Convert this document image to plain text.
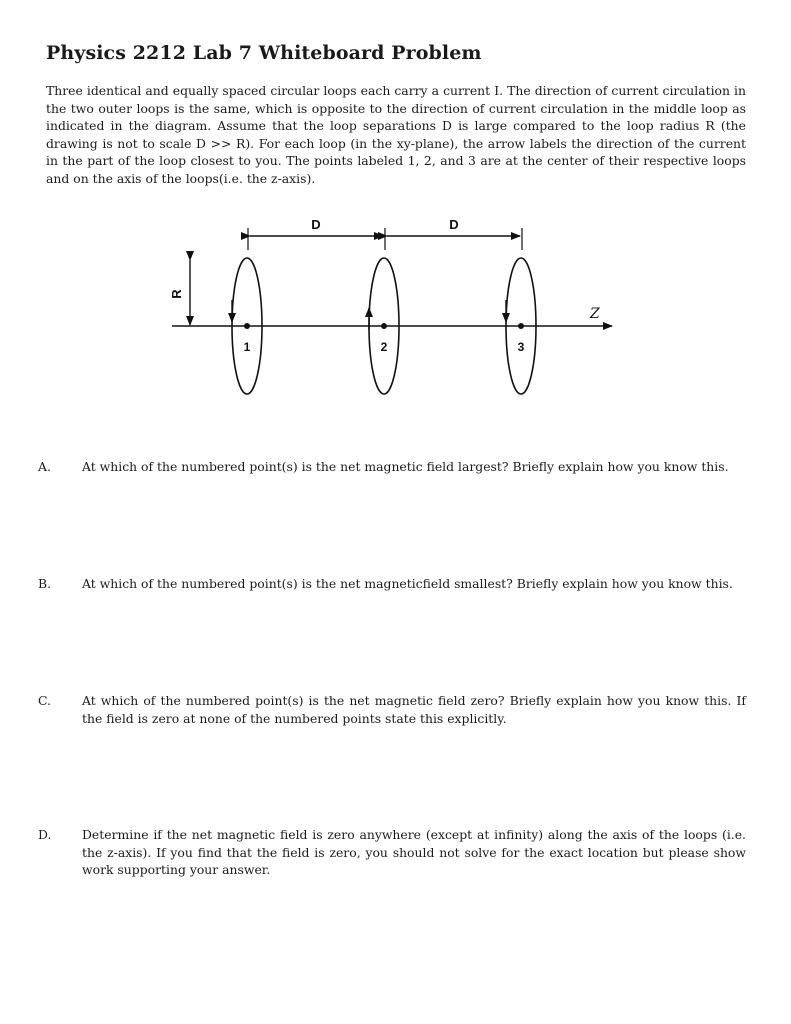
Physics 2212 Lab 7 Whiteboard Problem
Three identical and equally spaced circular loops each carry a current I. The direction of current circulation in the two outer loops is the same, which is opposite to the direction of current circulation in the middle loop as indicated in the diagram. Assume that the loop separations D is large compared to the loop radius R (the drawing is not to scale D >> R). For each loop (in the xy-plane), the arrow labels the direction of the current in the part of the loop closest to you. The points labeled 1, 2, and 3 are at the center of their respective loops and on the axis of the loops(i.e. the z-axis).
D	D
R
Z
1	2	3
A.	At which of the numbered point(s) is the net magnetic field largest? Briefly explain how you know this.
B. At which of the numbered point(s) is the net magneticfield smallest? Briefly explain how you know this.
C.	At which of the numbered point(s) is the net magnetic field zero? Briefly explain how you know this. If the field is zero at none of the numbered points state this explicitly.
D. Determine if the net magnetic field is zero anywhere (except at infinity) along the axis of the loops (i.e. the z-axis). If you find that the field is zero, you should not solve for the exact location but please show work supporting your answer.
